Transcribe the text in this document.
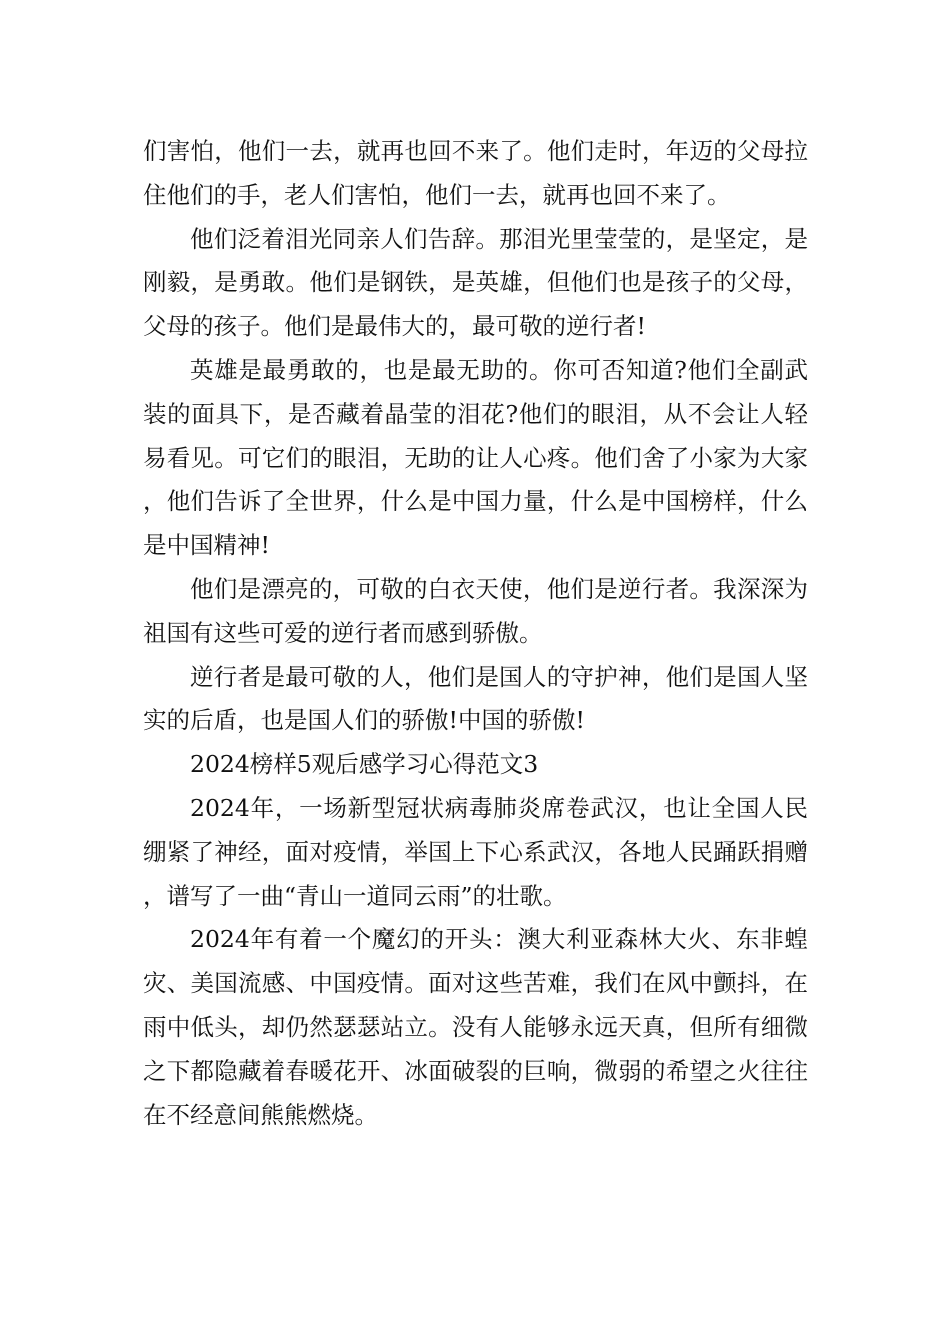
们害怕，他们一去，就再也回不来了。他们走时，年迈的父母拉住他们的手，老人们害怕，他们一去，就再也回不来了。

他们泛着泪光同亲人们告辞。那泪光里莹莹的，是坚定，是刚毅，是勇敢。他们是钢铁，是英雄，但他们也是孩子的父母，父母的孩子。他们是最伟大的，最可敬的逆行者!

英雄是最勇敢的，也是最无助的。你可否知道?他们全副武装的面具下，是否藏着晶莹的泪花?他们的眼泪，从不会让人轻易看见。可它们的眼泪，无助的让人心疼。他们舍了小家为大家，他们告诉了全世界，什么是中国力量，什么是中国榜样，什么是中国精神!

他们是漂亮的，可敬的白衣天使，他们是逆行者。我深深为祖国有这些可爱的逆行者而感到骄傲。

逆行者是最可敬的人，他们是国人的守护神，他们是国人坚实的后盾，也是国人们的骄傲!中国的骄傲!

2024榜样5观后感学习心得范文3

2024年，一场新型冠状病毒肺炎席卷武汉，也让全国人民绷紧了神经，面对疫情，举国上下心系武汉，各地人民踊跃捐赠，谱写了一曲“青山一道同云雨”的壮歌。

2024年有着一个魔幻的开头：澳大利亚森林大火、东非蝗灾、美国流感、中国疫情。面对这些苦难，我们在风中颤抖，在雨中低头，却仍然瑟瑟站立。没有人能够永远天真，但所有细微之下都隐藏着春暖花开、冰面破裂的巨响，微弱的希望之火往往在不经意间熊熊燃烧。
